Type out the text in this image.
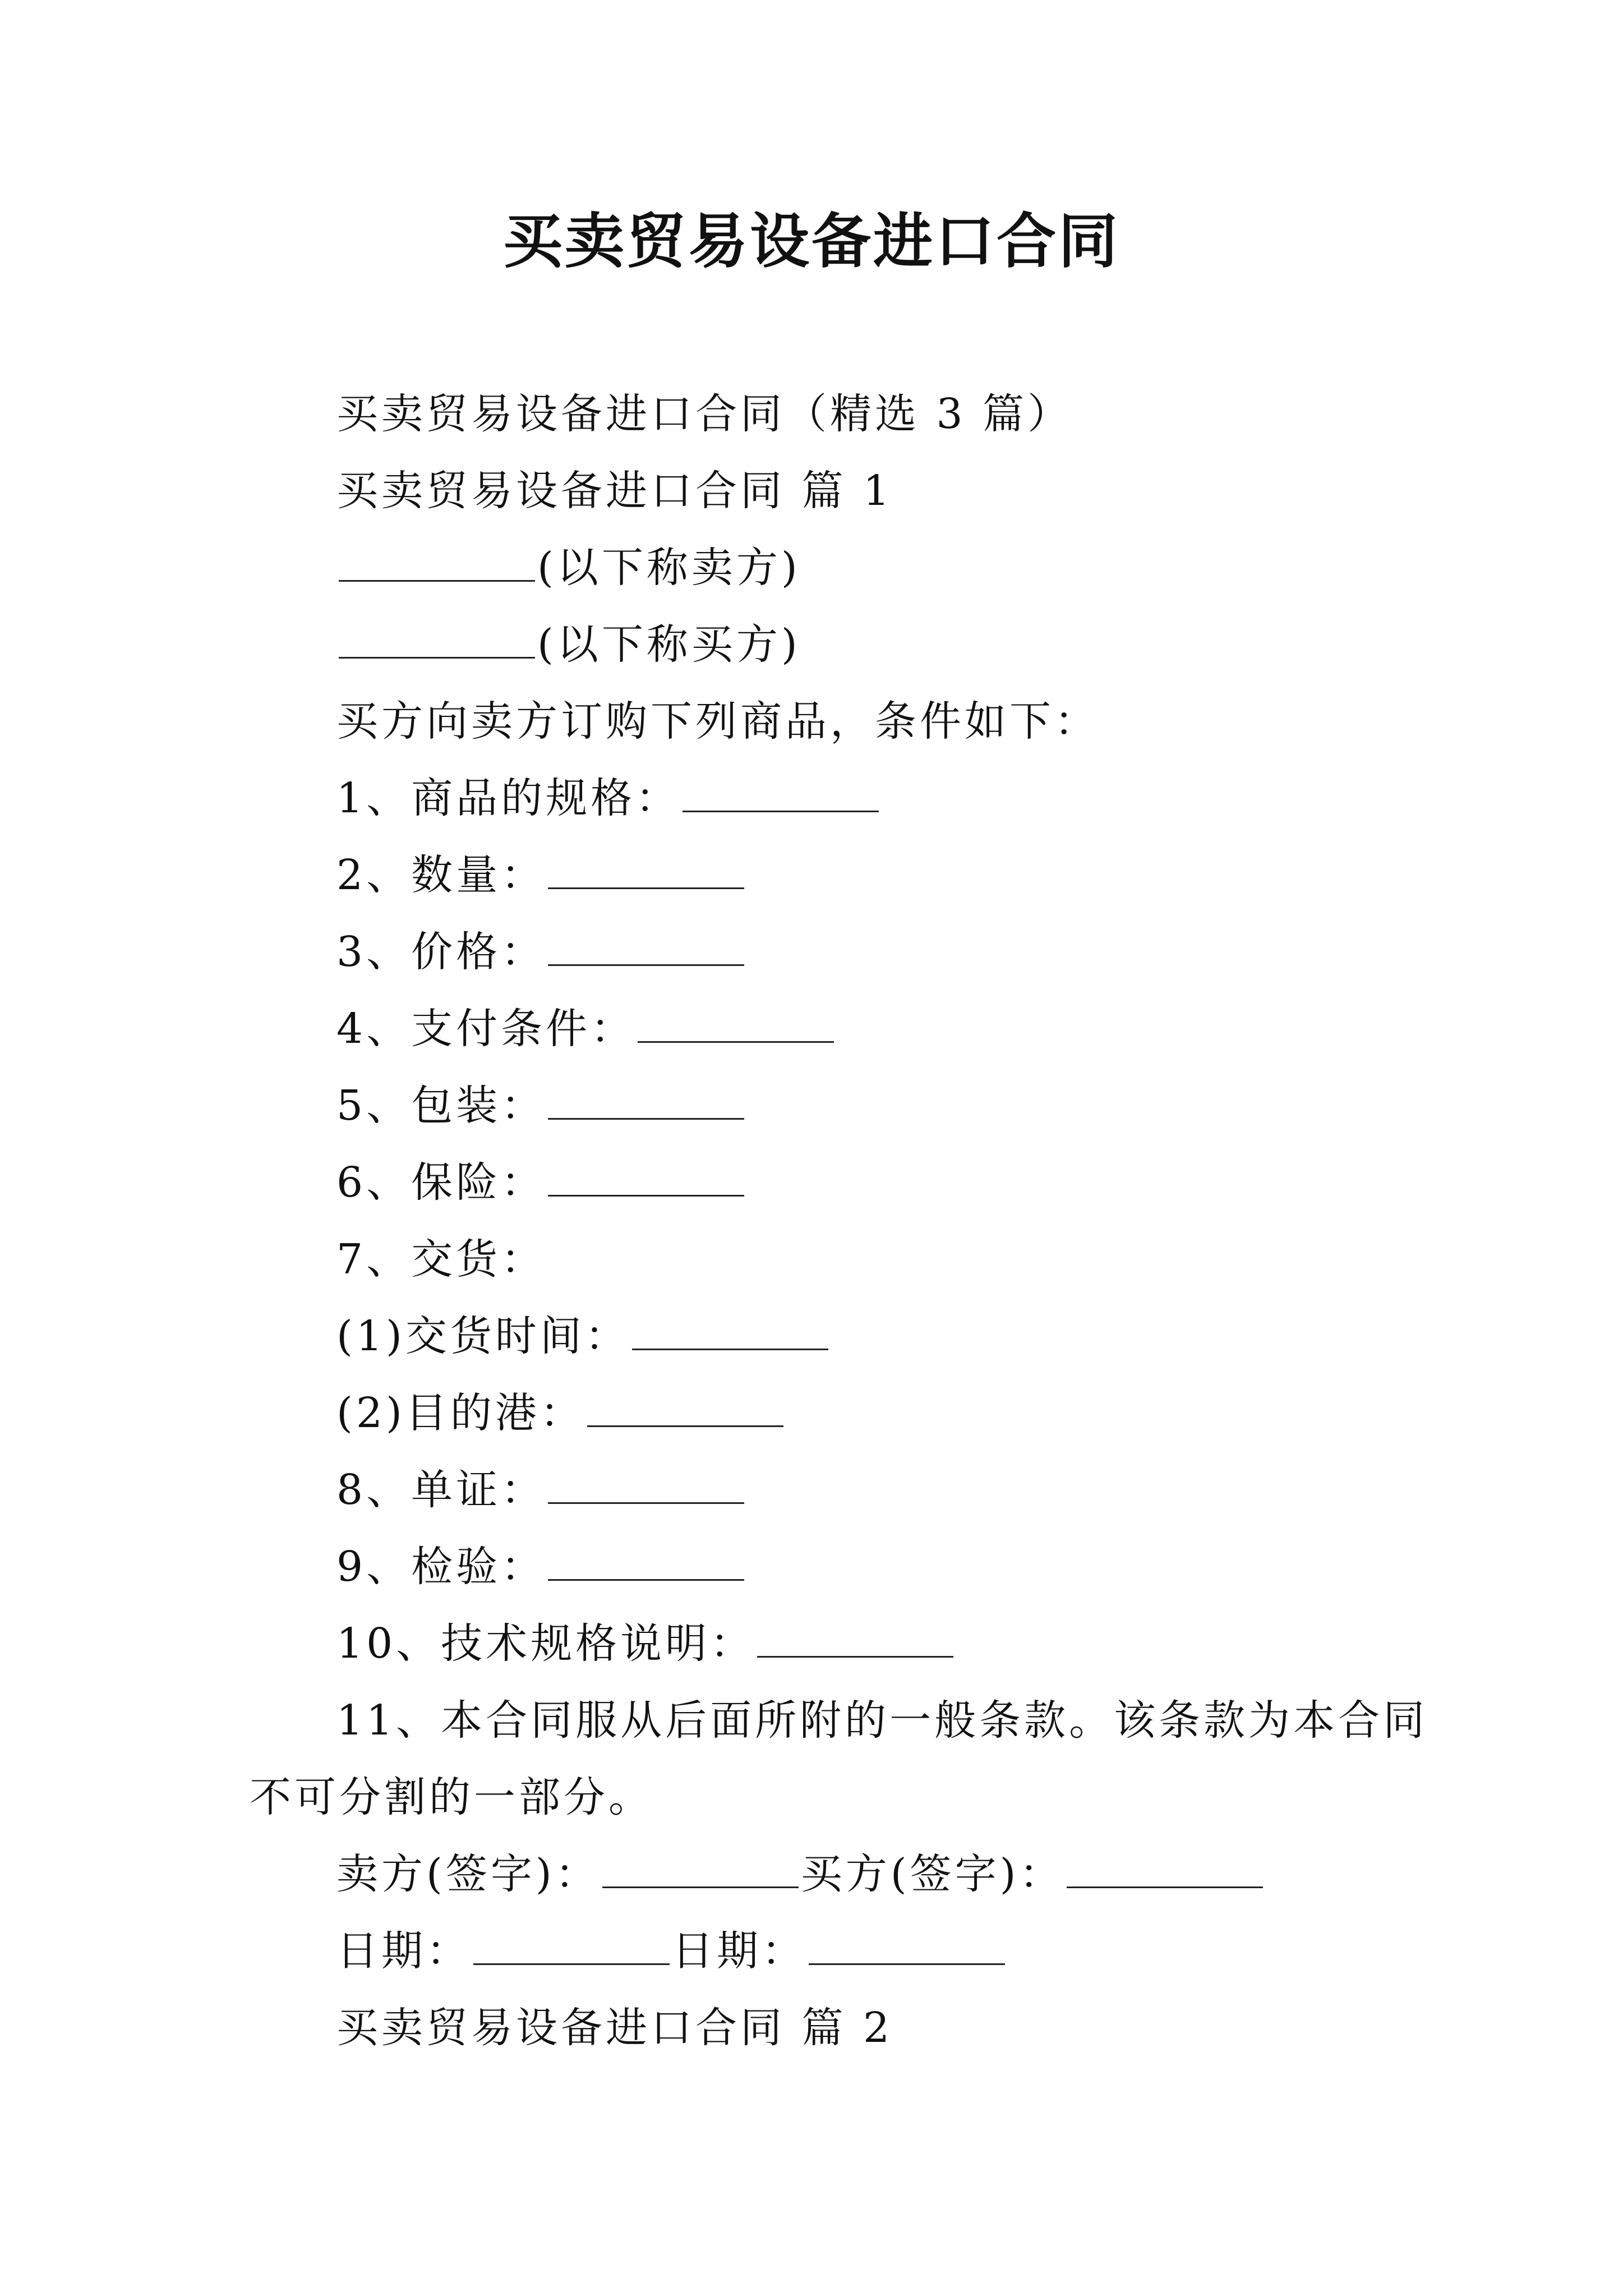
买卖贸易设备进口合同
买卖贸易设备进口合同（精选 3 篇）
买卖贸易设备进口合同 篇 1
(以下称卖方)
(以下称买方)
买方向卖方订购下列商品，条件如下：
1、商品的规格：
2、数量：
3、价格：
4、支付条件：
5、包装：
6、保险：
7、交货：
(1)交货时间：
(2)目的港：
8、单证：
9、检验：
10、技术规格说明：
11、本合同服从后面所附的一般条款。该条款为本合同
不可分割的一部分。
卖方(签字)：	买方(签字)：
日期：	日期：
买卖贸易设备进口合同 篇 2
